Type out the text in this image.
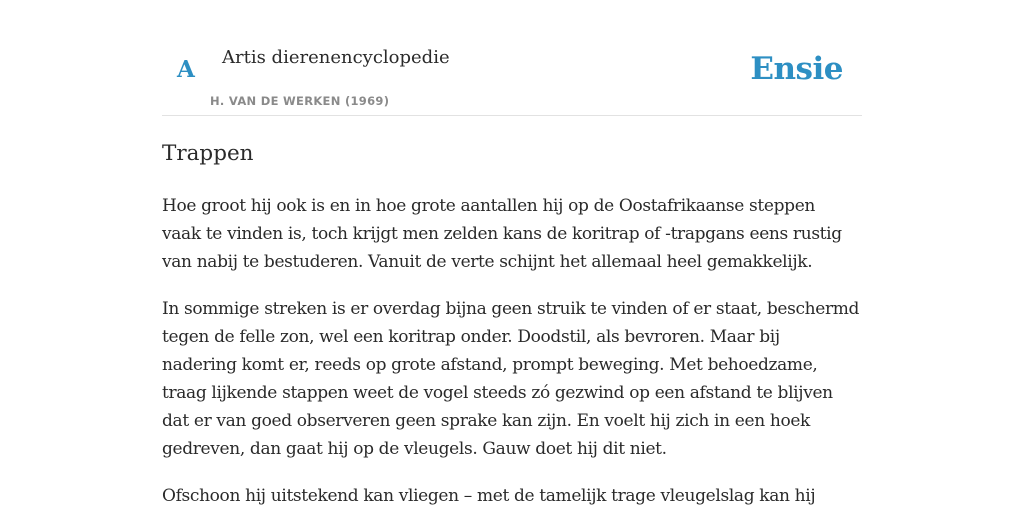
A Artis dierenencyclopedie
H. VAN DE WERKEN (1969)
Ensie
Trappen

Hoe groot hij ook is en in hoe grote aantallen hij op de Oostafrikaanse steppen
vaak te vinden is, toch krijgt men zelden kans de koritrap of -trapgans eens rustig
van nabij te bestuderen. Vanuit de verte schijnt het allemaal heel gemakkelijk.

In sommige streken is er overdag bijna geen struik te vinden of er staat, beschermd
tegen de felle zon, wel een koritrap onder. Doodstil, als bevroren. Maar bij
nadering komt er, reeds op grote afstand, prompt beweging. Met behoedzame,
traag lijkende stappen weet de vogel steeds zó gezwind op een afstand te blijven
dat er van goed observeren geen sprake kan zijn. En voelt hij zich in een hoek
gedreven, dan gaat hij op de vleugels. Gauw doet hij dit niet.

Ofschoon hij uitstekend kan vliegen – met de tamelijk trage vleugelslag kan hij
